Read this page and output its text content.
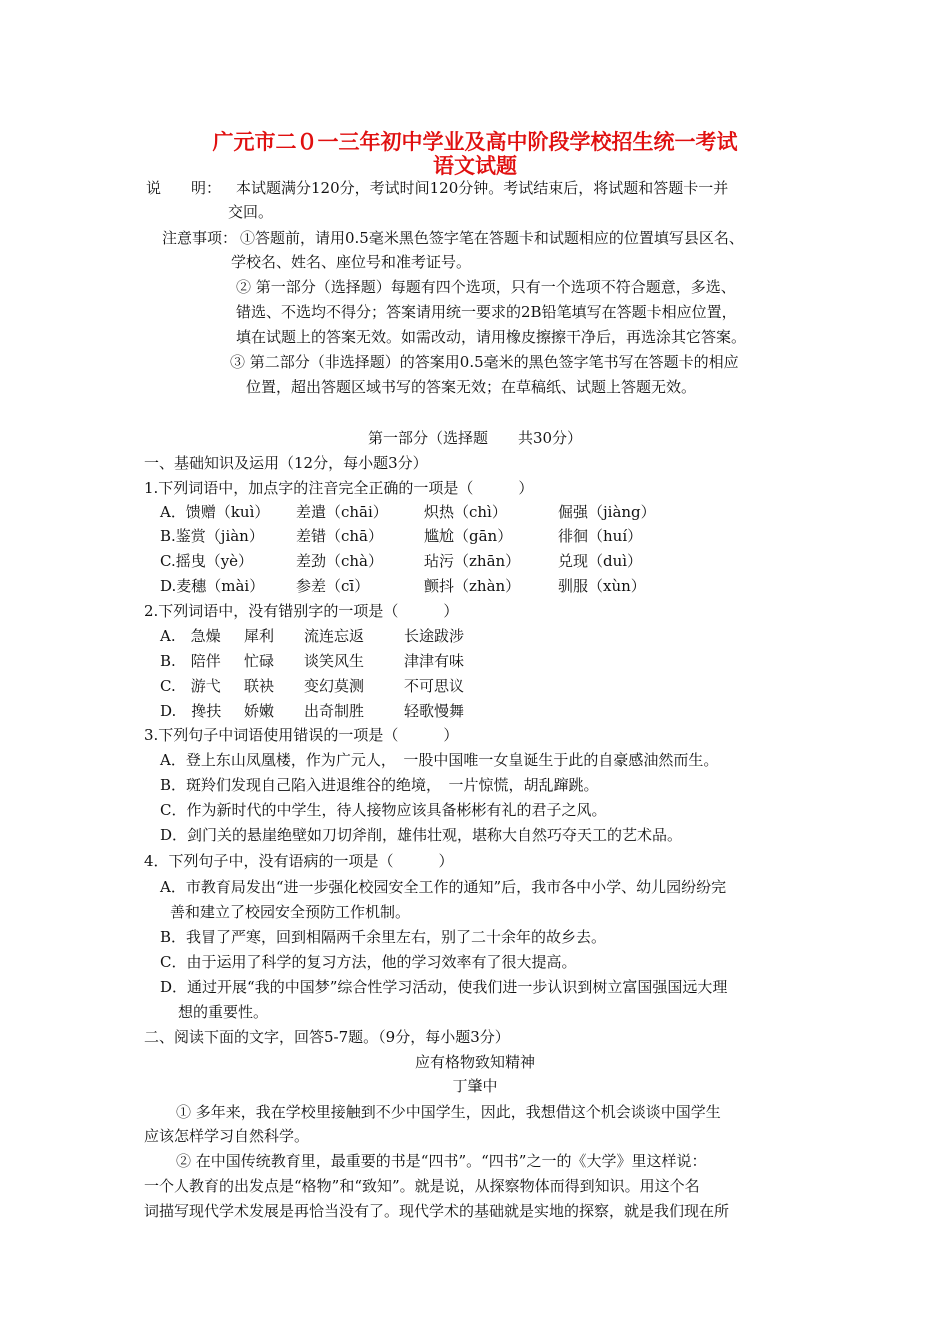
广元市二０一三年初中学业及高中阶段学校招生统一考试
语文试题
说　　明： 本试题满分120分，考试时间120分钟。考试结束后，将试题和答题卡一并
交回。
注意事项： ①答题前，请用0.5毫米黑色签字笔在答题卡和试题相应的位置填写县区名、
学校名、姓名、座位号和准考证号。
② 第一部分（选择题）每题有四个选项，只有一个选项不符合题意，多选、
错选、不选均不得分；答案请用统一要求的2B铅笔填写在答题卡相应位置，
填在试题上的答案无效。如需改动，请用橡皮擦擦干净后，再选涂其它答案。
③ 第二部分（非选择题）的答案用0.5毫米的黑色签字笔书写在答题卡的相应
位置，超出答题区域书写的答案无效；在草稿纸、试题上答题无效。
第一部分（选择题　　共30分）
一、基础知识及运用（12分，每小题3分）
1.下列词语中，加点字的注音完全正确的一项是（　　　）
A．馈赠（kuì） 差遣（chāi） 炽热（chì）	倔强（jiàng）
B.鉴赏（jiàn） 差错（chā）	尴尬（gān）	徘徊（huí）
C.摇曳（yè）	差劲（chà）	玷污（zhān）	兑现（duì）
D.麦穗（mài） 参差（cī）	颤抖（zhàn）	驯服（xùn）
2.下列词语中，没有错别字的一项是（　　　）
A.　急燥 犀利 流连忘返	长途跋涉
B.　陪伴 忙碌 谈笑风生	津津有味
C.　游弋 联袂 变幻莫测	不可思议
D.　搀扶 娇嫩 出奇制胜	轻歌慢舞
3.下列句子中词语使用错误的一项是（　　　）
A．登上东山凤凰楼，作为广元人，　一股中国唯一女皇诞生于此的自豪感油然而生。
B．斑羚们发现自己陷入进退维谷的绝境，　一片惊慌，胡乱蹿跳。
C．作为新时代的中学生，待人接物应该具备彬彬有礼的君子之风。
D．剑门关的悬崖绝壁如刀切斧削，雄伟壮观，堪称大自然巧夺天工的艺术品。
4．下列句子中，没有语病的一项是（　　　）
A．市教育局发出“进一步强化校园安全工作的通知”后，我市各中小学、幼儿园纷纷完
善和建立了校园安全预防工作机制。
B．我冒了严寒，回到相隔两千余里左右，别了二十余年的故乡去。
C．由于运用了科学的复习方法，他的学习效率有了很大提高。
D．通过开展“我的中国梦”综合性学习活动，使我们进一步认识到树立富国强国远大理
想的重要性。
二、阅读下面的文字，回答5-7题。（9分，每小题3分）
应有格物致知精神
丁肇中
① 多年来，我在学校里接触到不少中国学生，因此，我想借这个机会谈谈中国学生
应该怎样学习自然科学。
② 在中国传统教育里，最重要的书是“四书”。“四书”之一的《大学》里这样说：
一个人教育的出发点是“格物”和“致知”。就是说，从探察物体而得到知识。用这个名
词描写现代学术发展是再恰当没有了。现代学术的基础就是实地的探察，就是我们现在所
